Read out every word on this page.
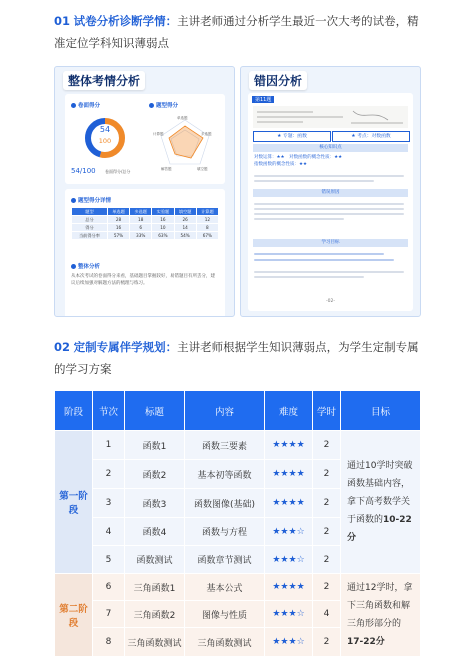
01 试卷分析诊断学情：主讲老师通过分析学生最近一次大考的试卷，精准定位学科知识薄弱点
整体考情分析
卷面得分	题型得分
54
100
54/100 卷面得分/总分
单选题
多选题
填空题
解答题
计算题
题型得分详情
题型	单选题	多选题	实验题	填空题	计算题
总分	28	18	16	26	12
得分	16	6	10	14	8
当前得分率	57%	33%	63%	54%	67%
整体分析
从本次考试的卷面得分来看，基础题目掌握较好，易错题目有所丢分，建议后续加强对解题方法的梳理与练习。
错因分析
第11题
★ 专题：函数	★ 考点：对数函数
核心知识点
对数运算：★★　对数函数的概念性质：★★
指数函数的概念性质：★★
错误原因
学习目标
-02-
02 定制专属伴学规划：主讲老师根据学生知识薄弱点，为学生定制专属的学习方案
阶段	节次	标题	内容	难度	学时	目标
第一阶段	1	函数1	函数三要素	★★★★	2	通过10学时突破函数基础内容，拿下高考数学关于函数的10-22分
	2	函数2	基本初等函数	★★★★	2	
	3	函数3	函数图像(基础)	★★★★	2	
	4	函数4	函数与方程	★★★☆	2	
	5	函数测试	函数章节测试	★★★☆	2	
第二阶段	6	三角函数1	基本公式	★★★★	2	通过12学时，拿下三角函数和解三角形部分的17-22分
	7	三角函数2	图像与性质	★★★☆	4	
	8	三角函数测试	三角函数测试	★★★☆	2	
